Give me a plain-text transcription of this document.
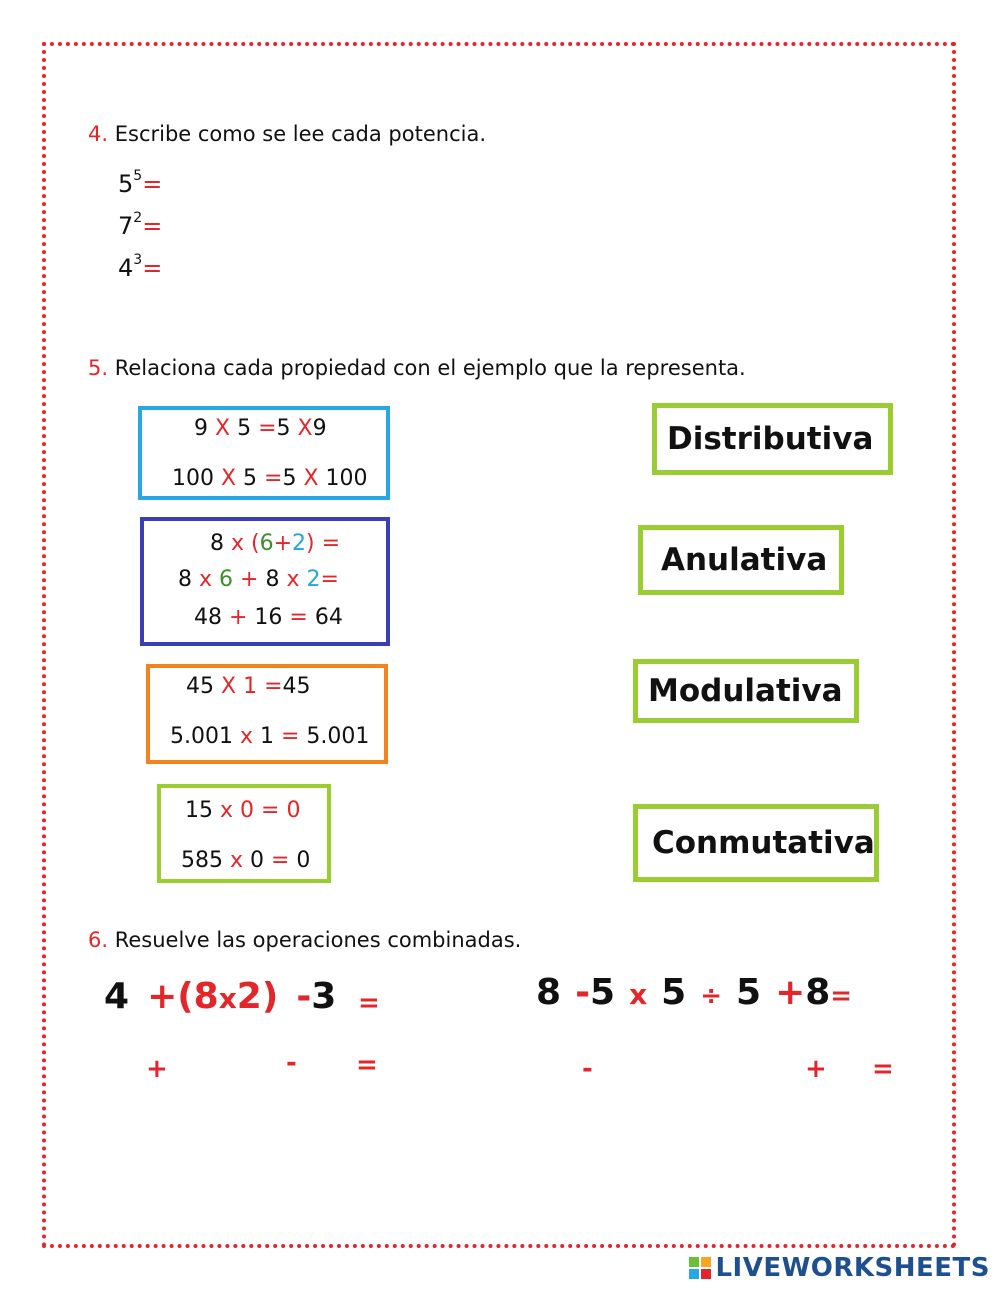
4. Escribe como se lee cada potencia.
$5^5=$
$7^2=$
$4^3=$
5. Relaciona cada propiedad con el ejemplo que la representa.
9 X 5 =5 X9
100 X 5 =5 X 100
8 x (6+2) =
8 x 6 + 8 x 2=
48 + 16 = 64
45 X 1 =45
5.001 x 1 = 5.001
15 x 0 = 0
585 x 0 = 0
Distributiva
Anulativa
Modulativa
Conmutativa
6. Resuelve las operaciones combinadas.
4 +(8x2) -3 =
+	- =
8 -5 x 5 ÷ 5 +8=
-	+ =
LIVEWORKSHEETS
